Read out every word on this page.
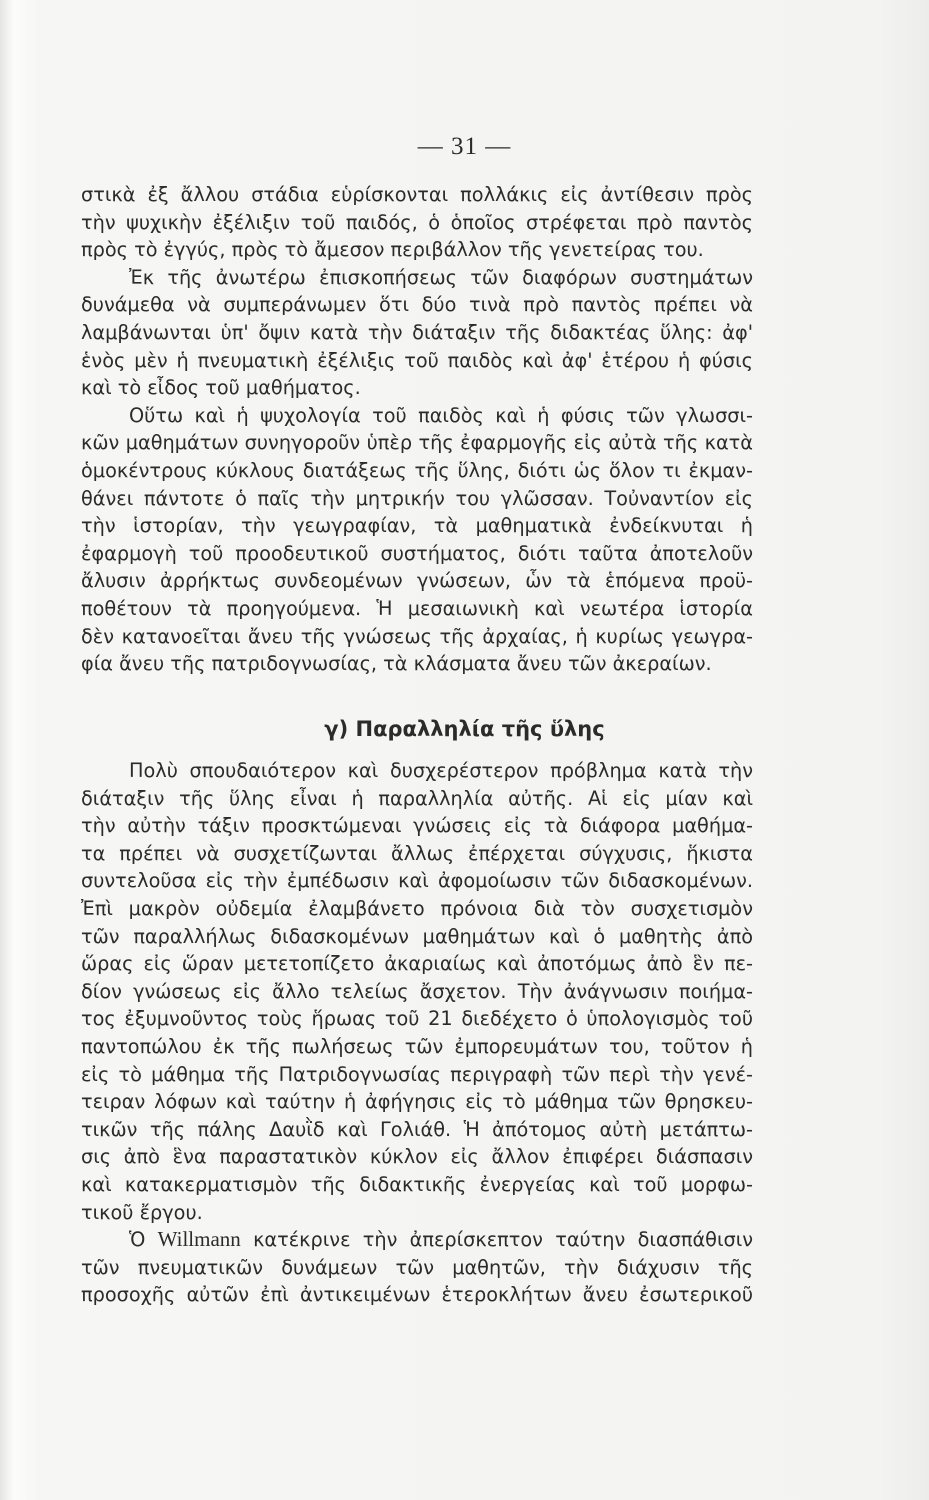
— 31 —
στικὰ ἐξ ἄλλου στάδια εὑρίσκονται πολλάκις εἰς ἀντίθεσιν πρὸς
τὴν ψυχικὴν ἐξέλιξιν τοῦ παιδός, ὁ ὁποῖος στρέφεται πρὸ παντὸς
πρὸς τὸ ἐγγύς, πρὸς τὸ ἄμεσον περιβάλλον τῆς γενετείρας του.
Ἐκ τῆς ἀνωτέρω ἐπισκοπήσεως τῶν διαφόρων συστημάτων
δυνάμεθα νὰ συμπεράνωμεν ὅτι δύο τινὰ πρὸ παντὸς πρέπει νὰ
λαμβάνωνται ὑπ' ὄψιν κατὰ τὴν διάταξιν τῆς διδακτέας ὕλης: ἀφ'
ἑνὸς μὲν ἡ πνευματικὴ ἐξέλιξις τοῦ παιδὸς καὶ ἀφ' ἑτέρου ἡ φύσις
καὶ τὸ εἶδος τοῦ μαθήματος.
Οὕτω καὶ ἡ ψυχολογία τοῦ παιδὸς καὶ ἡ φύσις τῶν γλωσσι-
κῶν μαθημάτων συνηγοροῦν ὑπὲρ τῆς ἐφαρμογῆς εἰς αὐτὰ τῆς κατὰ
ὁμοκέντρους κύκλους διατάξεως τῆς ὕλης, διότι ὡς ὅλον τι ἐκμαν-
θάνει πάντοτε ὁ παῖς τὴν μητρικήν του γλῶσσαν. Τοὐναντίον εἰς
τὴν ἱστορίαν, τὴν γεωγραφίαν, τὰ μαθηματικὰ ἐνδείκνυται ἡ
ἐφαρμογὴ τοῦ προοδευτικοῦ συστήματος, διότι ταῦτα ἀποτελοῦν
ἄλυσιν ἀρρήκτως συνδεομένων γνώσεων, ὧν τὰ ἑπόμενα προϋ-
ποθέτουν τὰ προηγούμενα. Ἡ μεσαιωνικὴ καὶ νεωτέρα ἱστορία
δὲν κατανοεῖται ἄνευ τῆς γνώσεως τῆς ἀρχαίας, ἡ κυρίως γεωγρα-
φία ἄνευ τῆς πατριδογνωσίας, τὰ κλάσματα ἄνευ τῶν ἀκεραίων.
γ) Παραλληλία τῆς ὕλης
Πολὺ σπουδαιότερον καὶ δυσχερέστερον πρόβλημα κατὰ τὴν
διάταξιν τῆς ὕλης εἶναι ἡ παραλληλία αὐτῆς. Αἱ εἰς μίαν καὶ
τὴν αὐτὴν τάξιν προσκτώμεναι γνώσεις εἰς τὰ διάφορα μαθήμα-
τα πρέπει νὰ συσχετίζωνται ἄλλως ἐπέρχεται σύγχυσις, ἥκιστα
συντελοῦσα εἰς τὴν ἐμπέδωσιν καὶ ἀφομοίωσιν τῶν διδασκομένων.
Ἐπὶ μακρὸν οὐδεμία ἐλαμβάνετο πρόνοια διὰ τὸν συσχετισμὸν
τῶν παραλλήλως διδασκομένων μαθημάτων καὶ ὁ μαθητὴς ἀπὸ
ὥρας εἰς ὥραν μετετοπίζετο ἀκαριαίως καὶ ἀποτόμως ἀπὸ ἓν πε-
δίον γνώσεως εἰς ἄλλο τελείως ἄσχετον. Τὴν ἀνάγνωσιν ποιήμα-
τος ἐξυμνοῦντος τοὺς ἥρωας τοῦ 21 διεδέχετο ὁ ὑπολογισμὸς τοῦ
παντοπώλου ἐκ τῆς πωλήσεως τῶν ἐμπορευμάτων του, τοῦτον ἡ
εἰς τὸ μάθημα τῆς Πατριδογνωσίας περιγραφὴ τῶν περὶ τὴν γενέ-
τειραν λόφων καὶ ταύτην ἡ ἀφήγησις εἰς τὸ μάθημα τῶν θρησκευ-
τικῶν τῆς πάλης Δαυῒδ καὶ Γολιάθ. Ἡ ἀπότομος αὐτὴ μετάπτω-
σις ἀπὸ ἓνα παραστατικὸν κύκλον εἰς ἄλλον ἐπιφέρει διάσπασιν
καὶ κατακερματισμὸν τῆς διδακτικῆς ἐνεργείας καὶ τοῦ μορφω-
τικοῦ ἔργου.
Ὁ Willmann κατέκρινε τὴν ἀπερίσκεπτον ταύτην διασπάθισιν
τῶν πνευματικῶν δυνάμεων τῶν μαθητῶν, τὴν διάχυσιν τῆς
προσοχῆς αὐτῶν ἐπὶ ἀντικειμένων ἑτεροκλήτων ἄνευ ἐσωτερικοῦ
